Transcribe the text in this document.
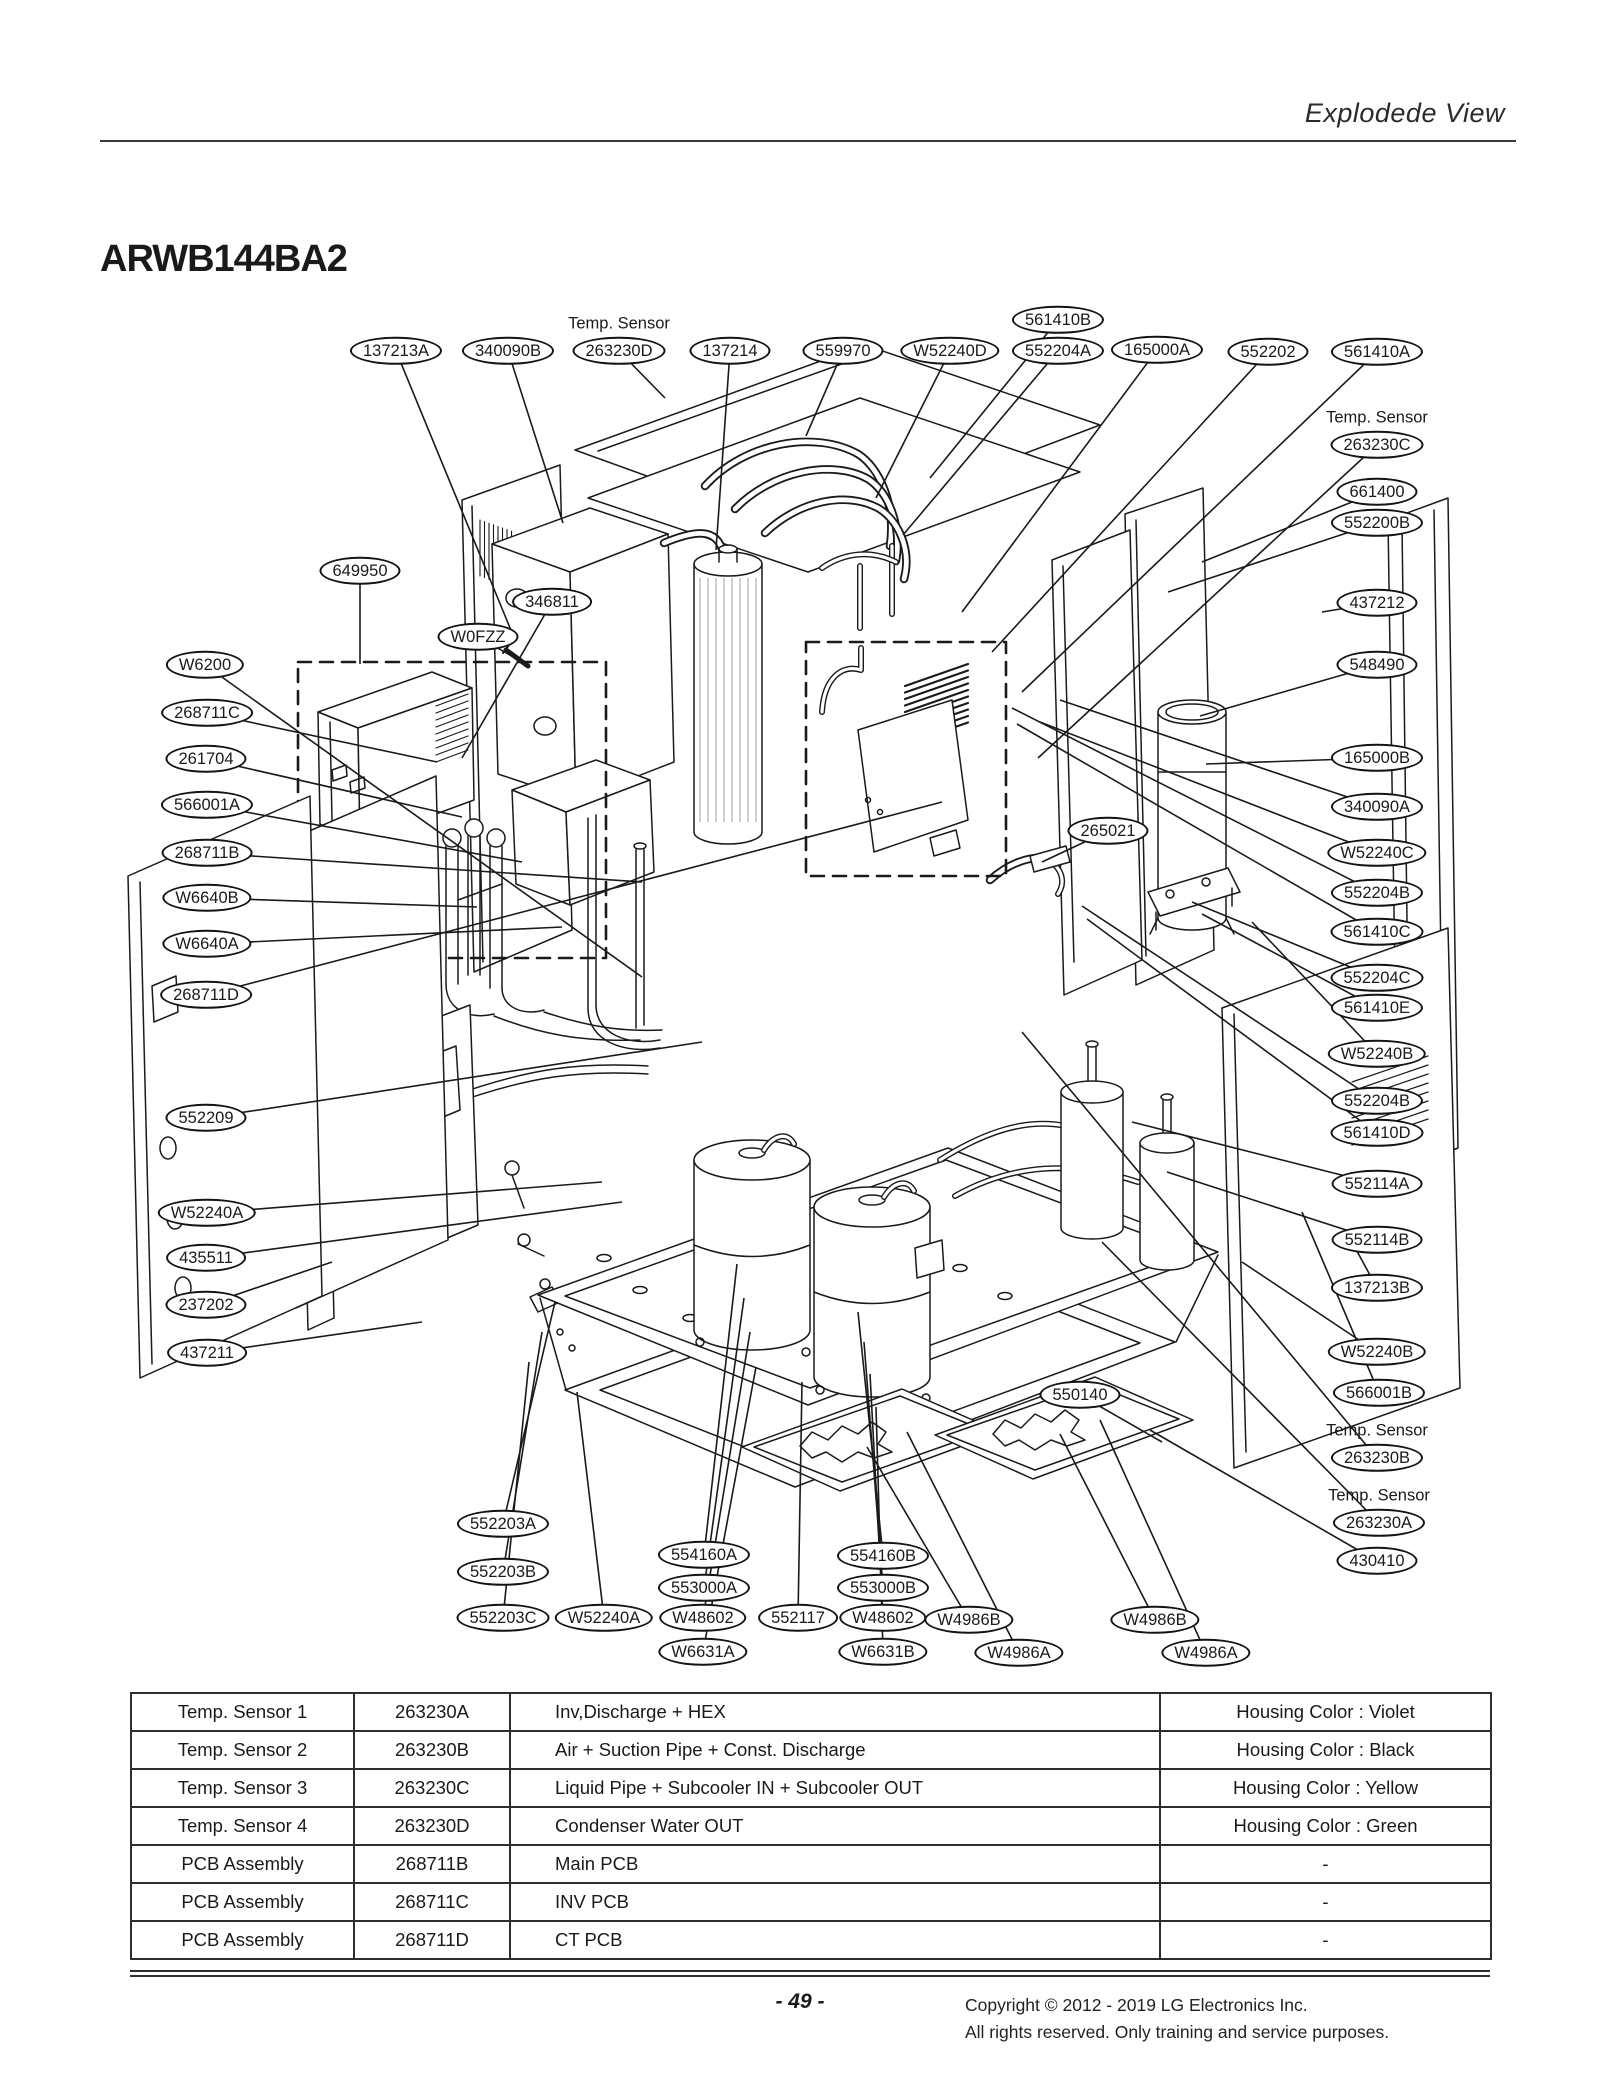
Explodede View
ARWB144BA2
137213A	340090B	263230D
Temp. Sensor
137214	559970	W52240D
561410B
552204A	165000A	552202	561410A
263230C
Temp. Sensor
661400
552200B
437212
548490
165000B
340090A
W52240C
552204B
561410C
552204C
561410E
W52240B
552204B
561410D
552114A
552114B
137213B
W52240B
566001B
263230B
Temp. Sensor
263230A
Temp. Sensor
430410
649950
346811
W0FZZ
W6200
268711C
261704
566001A
268711B
W6640B
W6640A
268711D
552209
W52240A
435511
237202
437211
265021
550140
552203A
552203B
552203C	W52240A
554160A
553000A
W48602
W6631A
552117
554160B
553000B
W48602
W6631B
W4986B
W4986A
W4986B
W4986A
Temp. Sensor 1	263230A	Inv,Discharge + HEX	Housing Color : Violet
Temp. Sensor 2	263230B	Air + Suction Pipe + Const. Discharge	Housing Color : Black
Temp. Sensor 3	263230C	Liquid Pipe + Subcooler IN + Subcooler OUT	Housing Color : Yellow
Temp. Sensor 4	263230D	Condenser Water OUT	Housing Color : Green
PCB Assembly	268711B	Main PCB	-
PCB Assembly	268711C	INV PCB	-
PCB Assembly	268711D	CT PCB	-
- 49 -	Copyright © 2012 - 2019 LG Electronics Inc.
All rights reserved. Only training and service purposes.
